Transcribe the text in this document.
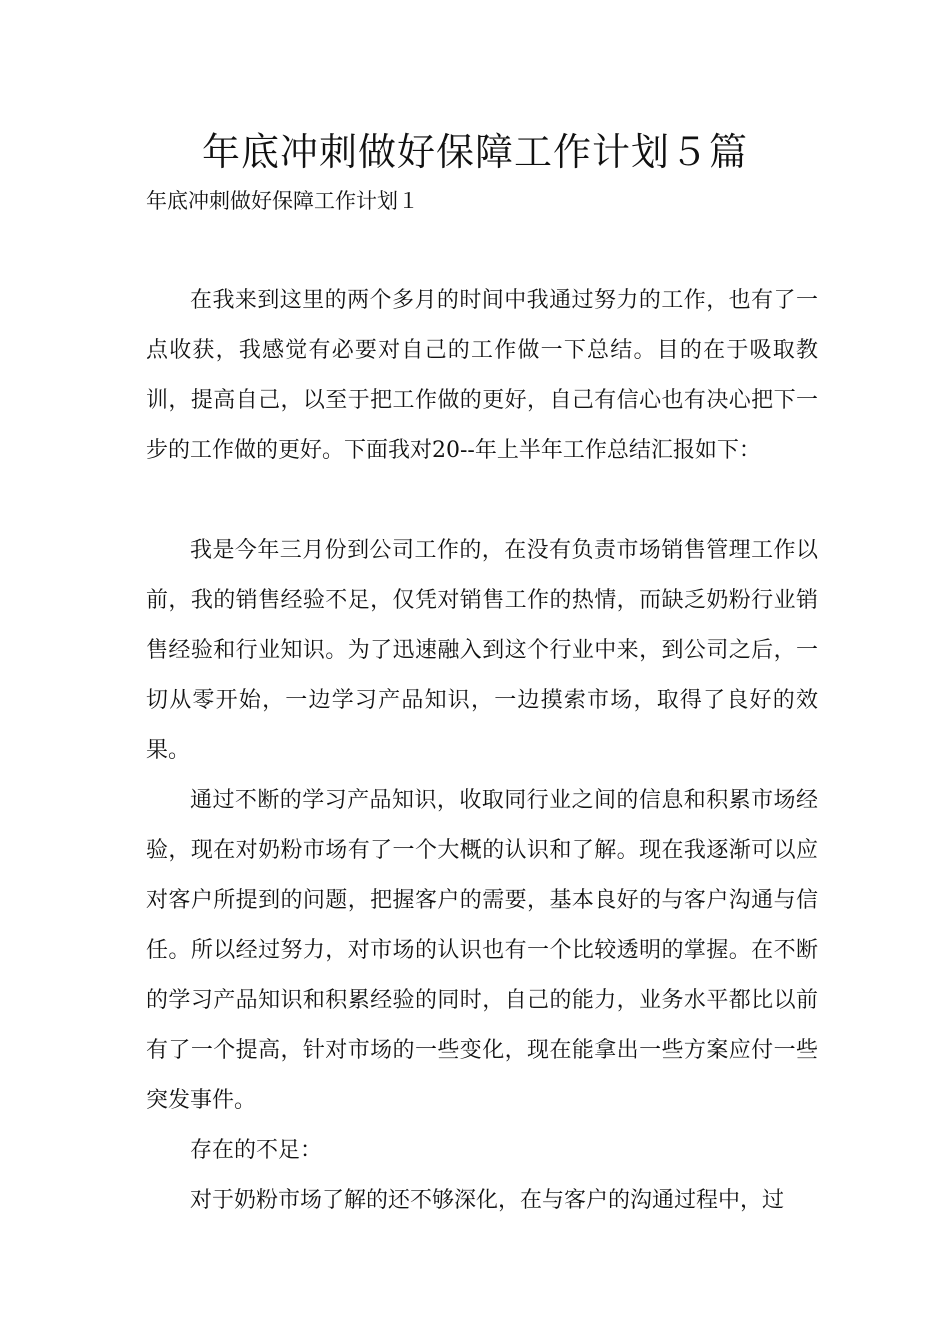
年底冲刺做好保障工作计划５篇

年底冲刺做好保障工作计划１

在我来到这里的两个多月的时间中我通过努力的工作，也有了一点收获，我感觉有必要对自己的工作做一下总结。目的在于吸取教训，提高自己，以至于把工作做的更好，自己有信心也有决心把下一步的工作做的更好。下面我对20--年上半年工作总结汇报如下：

我是今年三月份到公司工作的，在没有负责市场销售管理工作以前，我的销售经验不足，仅凭对销售工作的热情，而缺乏奶粉行业销售经验和行业知识。为了迅速融入到这个行业中来，到公司之后，一切从零开始，一边学习产品知识，一边摸索市场，取得了良好的效果。

通过不断的学习产品知识，收取同行业之间的信息和积累市场经验，现在对奶粉市场有了一个大概的认识和了解。现在我逐渐可以应对客户所提到的问题，把握客户的需要，基本良好的与客户沟通与信任。所以经过努力，对市场的认识也有一个比较透明的掌握。在不断的学习产品知识和积累经验的同时，自己的能力，业务水平都比以前有了一个提高，针对市场的一些变化，现在能拿出一些方案应付一些突发事件。

存在的不足：

对于奶粉市场了解的还不够深化，在与客户的沟通过程中，过
